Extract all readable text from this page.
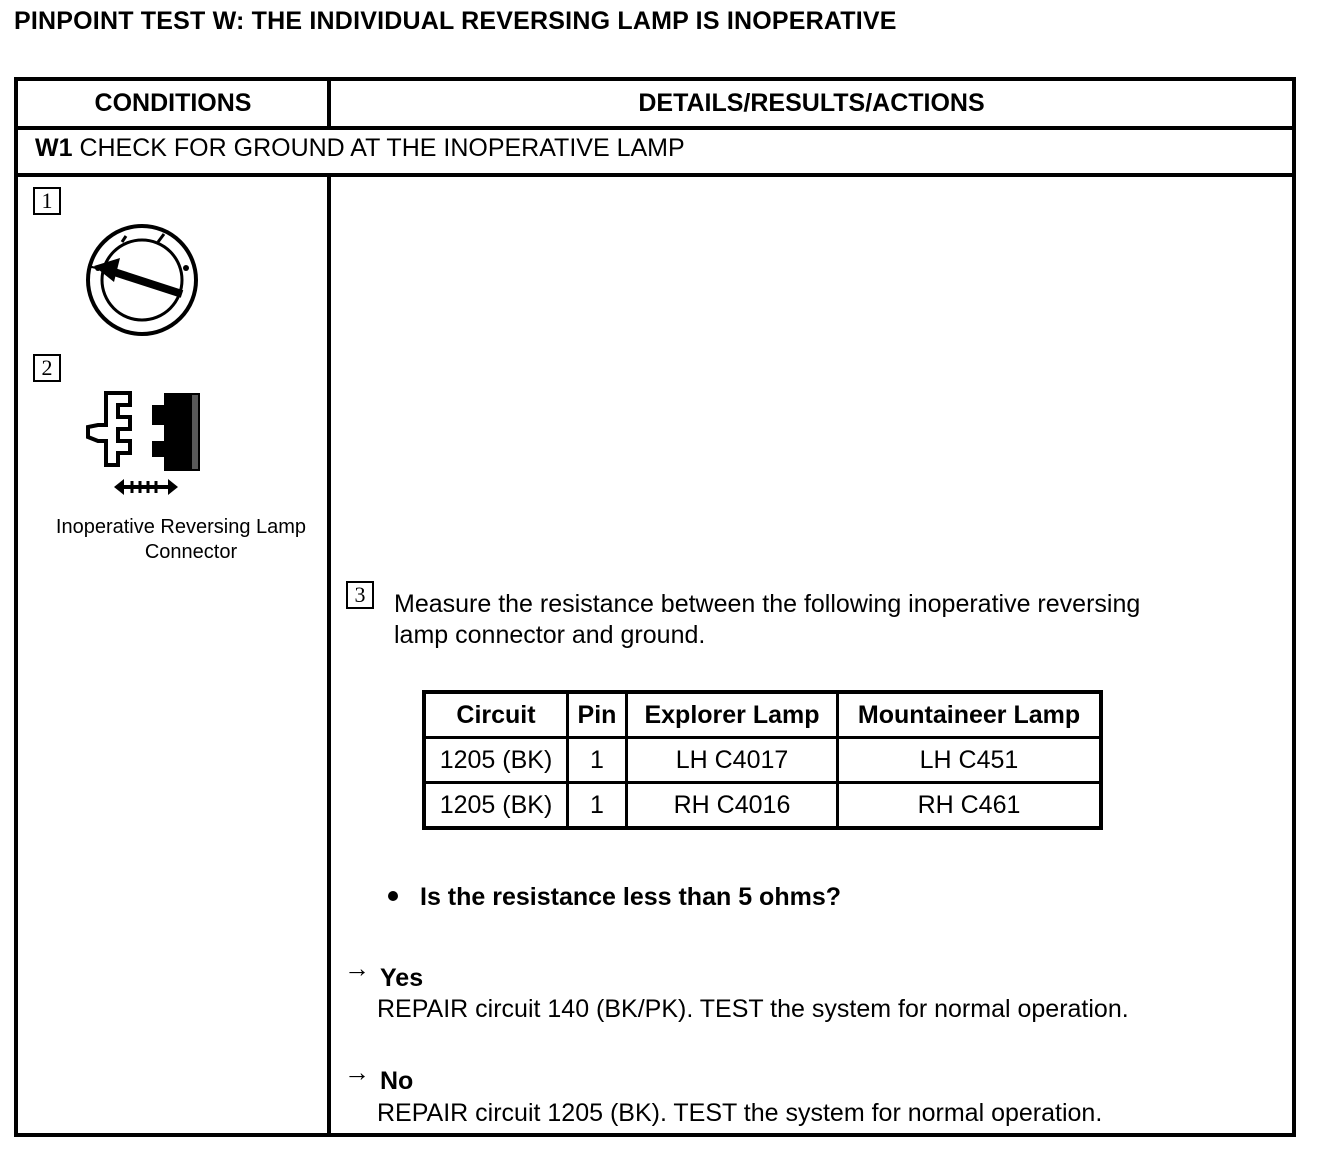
PINPOINT TEST W: THE INDIVIDUAL REVERSING LAMP IS INOPERATIVE
CONDITIONS	DETAILS/RESULTS/ACTIONS
W1 CHECK FOR GROUND AT THE INOPERATIVE LAMP
1
2
Inoperative Reversing Lamp
Connector
3 Measure the resistance between the following inoperative reversing
lamp connector and ground.
Circuit	Pin	Explorer Lamp	Mountaineer Lamp
1205 (BK)	1	LH C4017	LH C451
1205 (BK)	1	RH C4016	RH C461
Is the resistance less than 5 ohms?
→ Yes
REPAIR circuit 140 (BK/PK). TEST the system for normal operation.
→ No
REPAIR circuit 1205 (BK). TEST the system for normal operation.
